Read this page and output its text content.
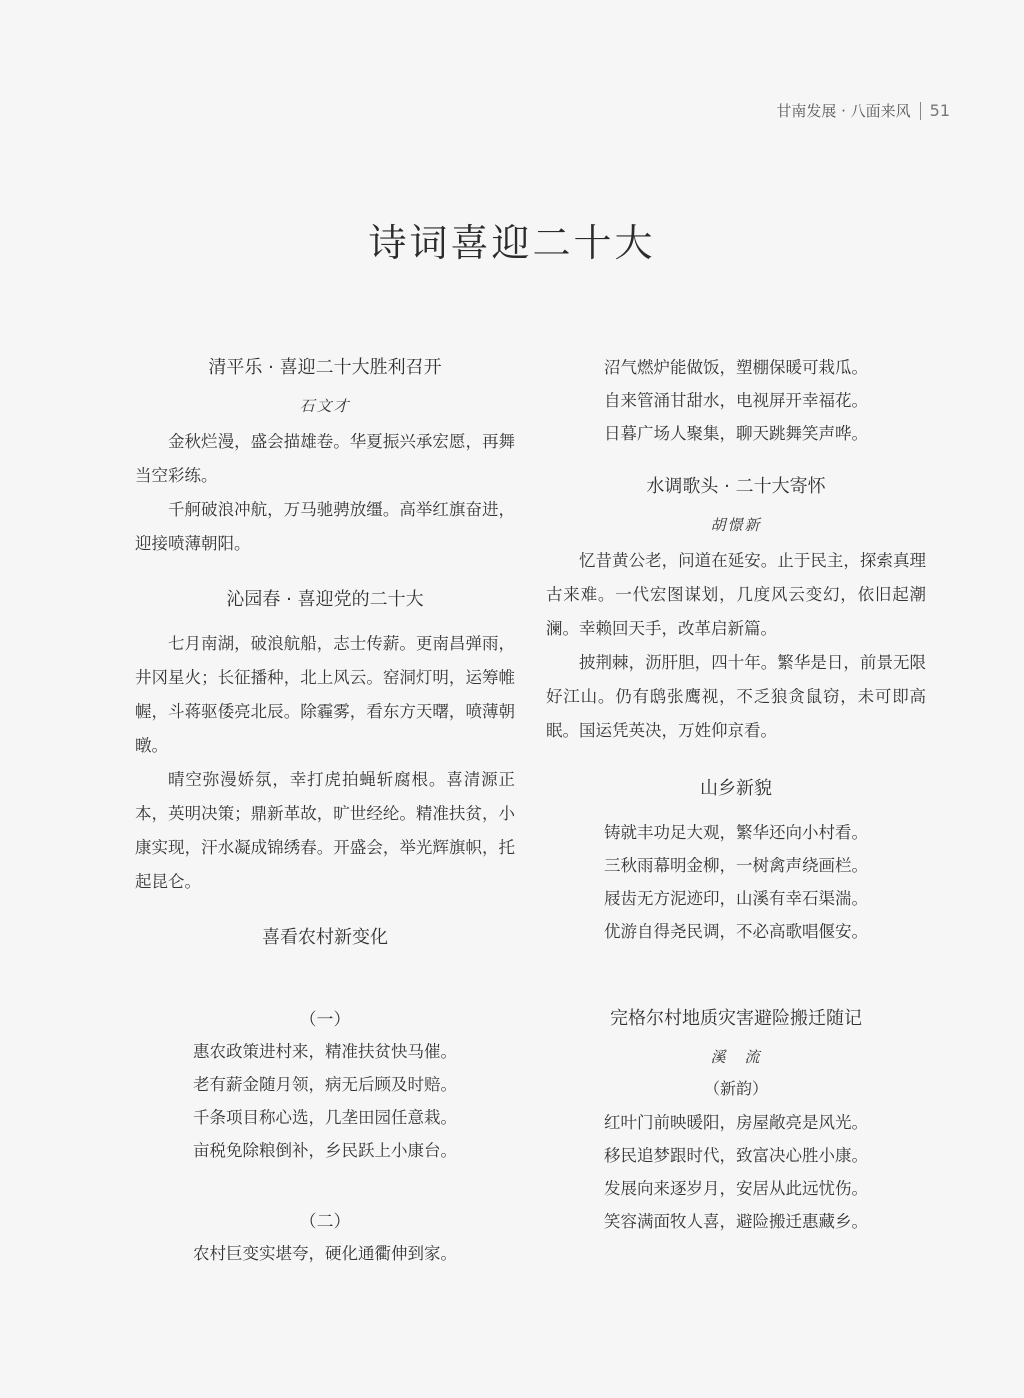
甘南发展 · 八面来风 51
诗词喜迎二十大
清平乐 · 喜迎二十大胜利召开
石文才

金秋烂漫，盛会描雄卷。华夏振兴承宏愿，再舞当空彩练。

千舸破浪冲航，万马驰骋放缰。高举红旗奋进，迎接喷薄朝阳。

沁园春 · 喜迎党的二十大

七月南湖，破浪航船，志士传薪。更南昌弹雨，井冈星火；长征播种，北上风云。窑洞灯明，运筹帷幄，斗蒋驱倭亮北辰。除霾雾，看东方天曙，喷薄朝暾。

晴空弥漫娇氛，幸打虎拍蝇斩腐根。喜清源正本，英明决策；鼎新革故，旷世经纶。精准扶贫，小康实现，汗水凝成锦绣春。开盛会，举光辉旗帜，托起昆仑。

喜看农村新变化
（一）

惠农政策进村来，精准扶贫快马催。

老有薪金随月领，病无后顾及时赔。

千条项目称心选，几垄田园任意栽。

亩税免除粮倒补，乡民跃上小康台。

（二）

农村巨变实堪夸，硬化通衢伸到家。

沼气燃炉能做饭，塑棚保暖可栽瓜。

自来管涌甘甜水，电视屏开幸福花。

日暮广场人聚集，聊天跳舞笑声哗。

水调歌头 · 二十大寄怀
胡憬新

忆昔黄公老，问道在延安。止于民主，探索真理古来难。一代宏图谋划，几度风云变幻，依旧起潮澜。幸赖回天手，改革启新篇。

披荆棘，沥肝胆，四十年。繁华是日，前景无限好江山。仍有鸱张鹰视，不乏狼贪鼠窃，未可即高眠。国运凭英决，万姓仰京看。

山乡新貌

铸就丰功足大观，繁华还向小村看。

三秋雨幕明金柳，一树禽声绕画栏。

屐齿无方泥迹印，山溪有幸石渠湍。

优游自得尧民调，不必高歌唱偃安。

完格尔村地质灾害避险搬迁随记
溪　流
（新韵）

红叶门前映暖阳，房屋敞亮是风光。

移民追梦跟时代，致富决心胜小康。

发展向来逐岁月，安居从此远忧伤。

笑容满面牧人喜，避险搬迁惠藏乡。
